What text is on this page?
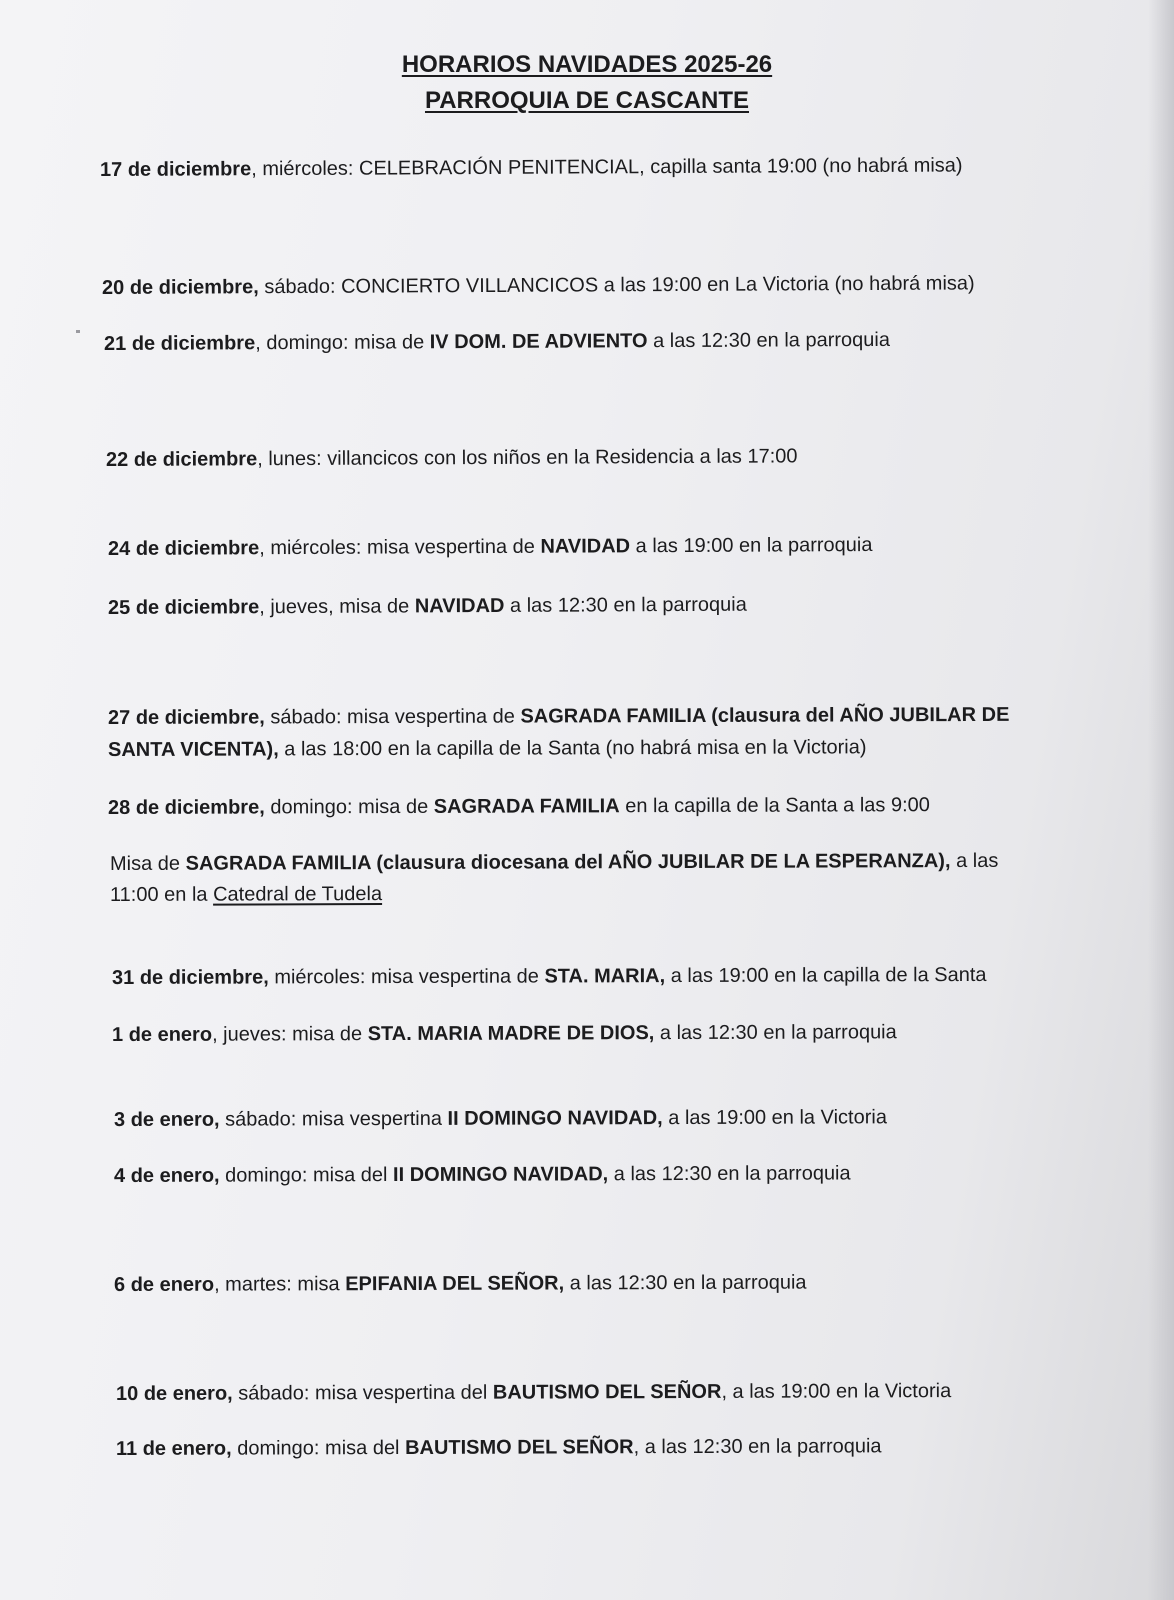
HORARIOS NAVIDADES 2025-26
PARROQUIA DE CASCANTE

17 de diciembre, miércoles: CELEBRACIÓN PENITENCIAL, capilla santa 19:00 (no habrá misa)

20 de diciembre, sábado: CONCIERTO VILLANCICOS a las 19:00 en La Victoria (no habrá misa)

21 de diciembre, domingo: misa de IV DOM. DE ADVIENTO a las 12:30 en la parroquia

22 de diciembre, lunes: villancicos con los niños en la Residencia a las 17:00

24 de diciembre, miércoles: misa vespertina de NAVIDAD a las 19:00 en la parroquia

25 de diciembre, jueves, misa de NAVIDAD a las 12:30 en la parroquia

27 de diciembre, sábado: misa vespertina de SAGRADA FAMILIA (clausura del AÑO JUBILAR DE

SANTA VICENTA), a las 18:00 en la capilla de la Santa (no habrá misa en la Victoria)

28 de diciembre, domingo: misa de SAGRADA FAMILIA en la capilla de la Santa a las 9:00

Misa de SAGRADA FAMILIA (clausura diocesana del AÑO JUBILAR DE LA ESPERANZA), a las

11:00 en la Catedral de Tudela

31 de diciembre, miércoles: misa vespertina de STA. MARIA, a las 19:00 en la capilla de la Santa

1 de enero, jueves: misa de STA. MARIA MADRE DE DIOS, a las 12:30 en la parroquia

3 de enero, sábado: misa vespertina II DOMINGO NAVIDAD, a las 19:00 en la Victoria

4 de enero, domingo: misa del II DOMINGO NAVIDAD, a las 12:30 en la parroquia

6 de enero, martes: misa EPIFANIA DEL SEÑOR, a las 12:30 en la parroquia

10 de enero, sábado: misa vespertina del BAUTISMO DEL SEÑOR, a las 19:00 en la Victoria

11 de enero, domingo: misa del BAUTISMO DEL SEÑOR, a las 12:30 en la parroquia
